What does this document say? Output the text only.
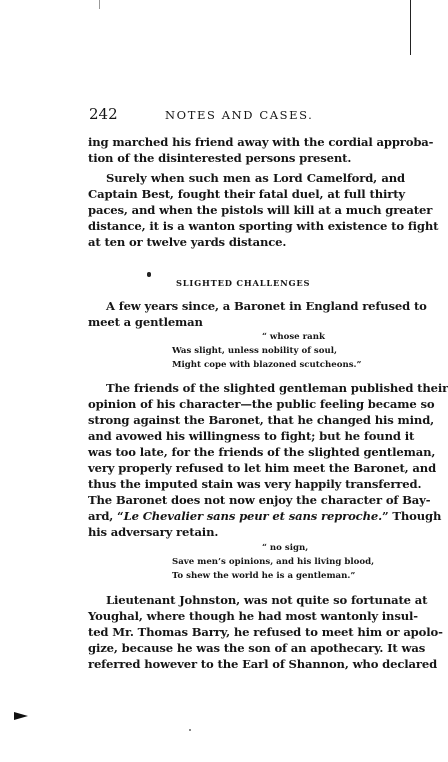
242	NOTES AND CASES.
ing marched his friend away with the cordial approba-
tion of the disinterested persons present.
Surely when such men as Lord Camelford, and
Captain Best, fought their fatal duel, at full thirty
paces, and when the pistols will kill at a much greater
distance, it is a wanton sporting with existence to fight
at ten or twelve yards distance.
SLIGHTED CHALLENGES
A few years since, a Baronet in England refused to
meet a gentleman
“ whose rank
Was slight, unless nobility of soul,
Might cope with blazoned scutcheons.”
The friends of the slighted gentleman published their
opinion of his character—the public feeling became so
strong against the Baronet, that he changed his mind,
and avowed his willingness to fight; but he found it
was too late, for the friends of the slighted gentleman,
very properly refused to let him meet the Baronet, and
thus the imputed stain was very happily transferred.
The Baronet does not now enjoy the character of Bay-
ard, “Le Chevalier sans peur et sans reproche.” Though
his adversary retain.
“ no sign,
Save men’s opinions, and his living blood,
To shew the world he is a gentleman.”
Lieutenant Johnston, was not quite so fortunate at
Youghal, where though he had most wantonly insul-
ted Mr. Thomas Barry, he refused to meet him or apolo-
gize, because he was the son of an apothecary. It was
referred however to the Earl of Shannon, who declared
